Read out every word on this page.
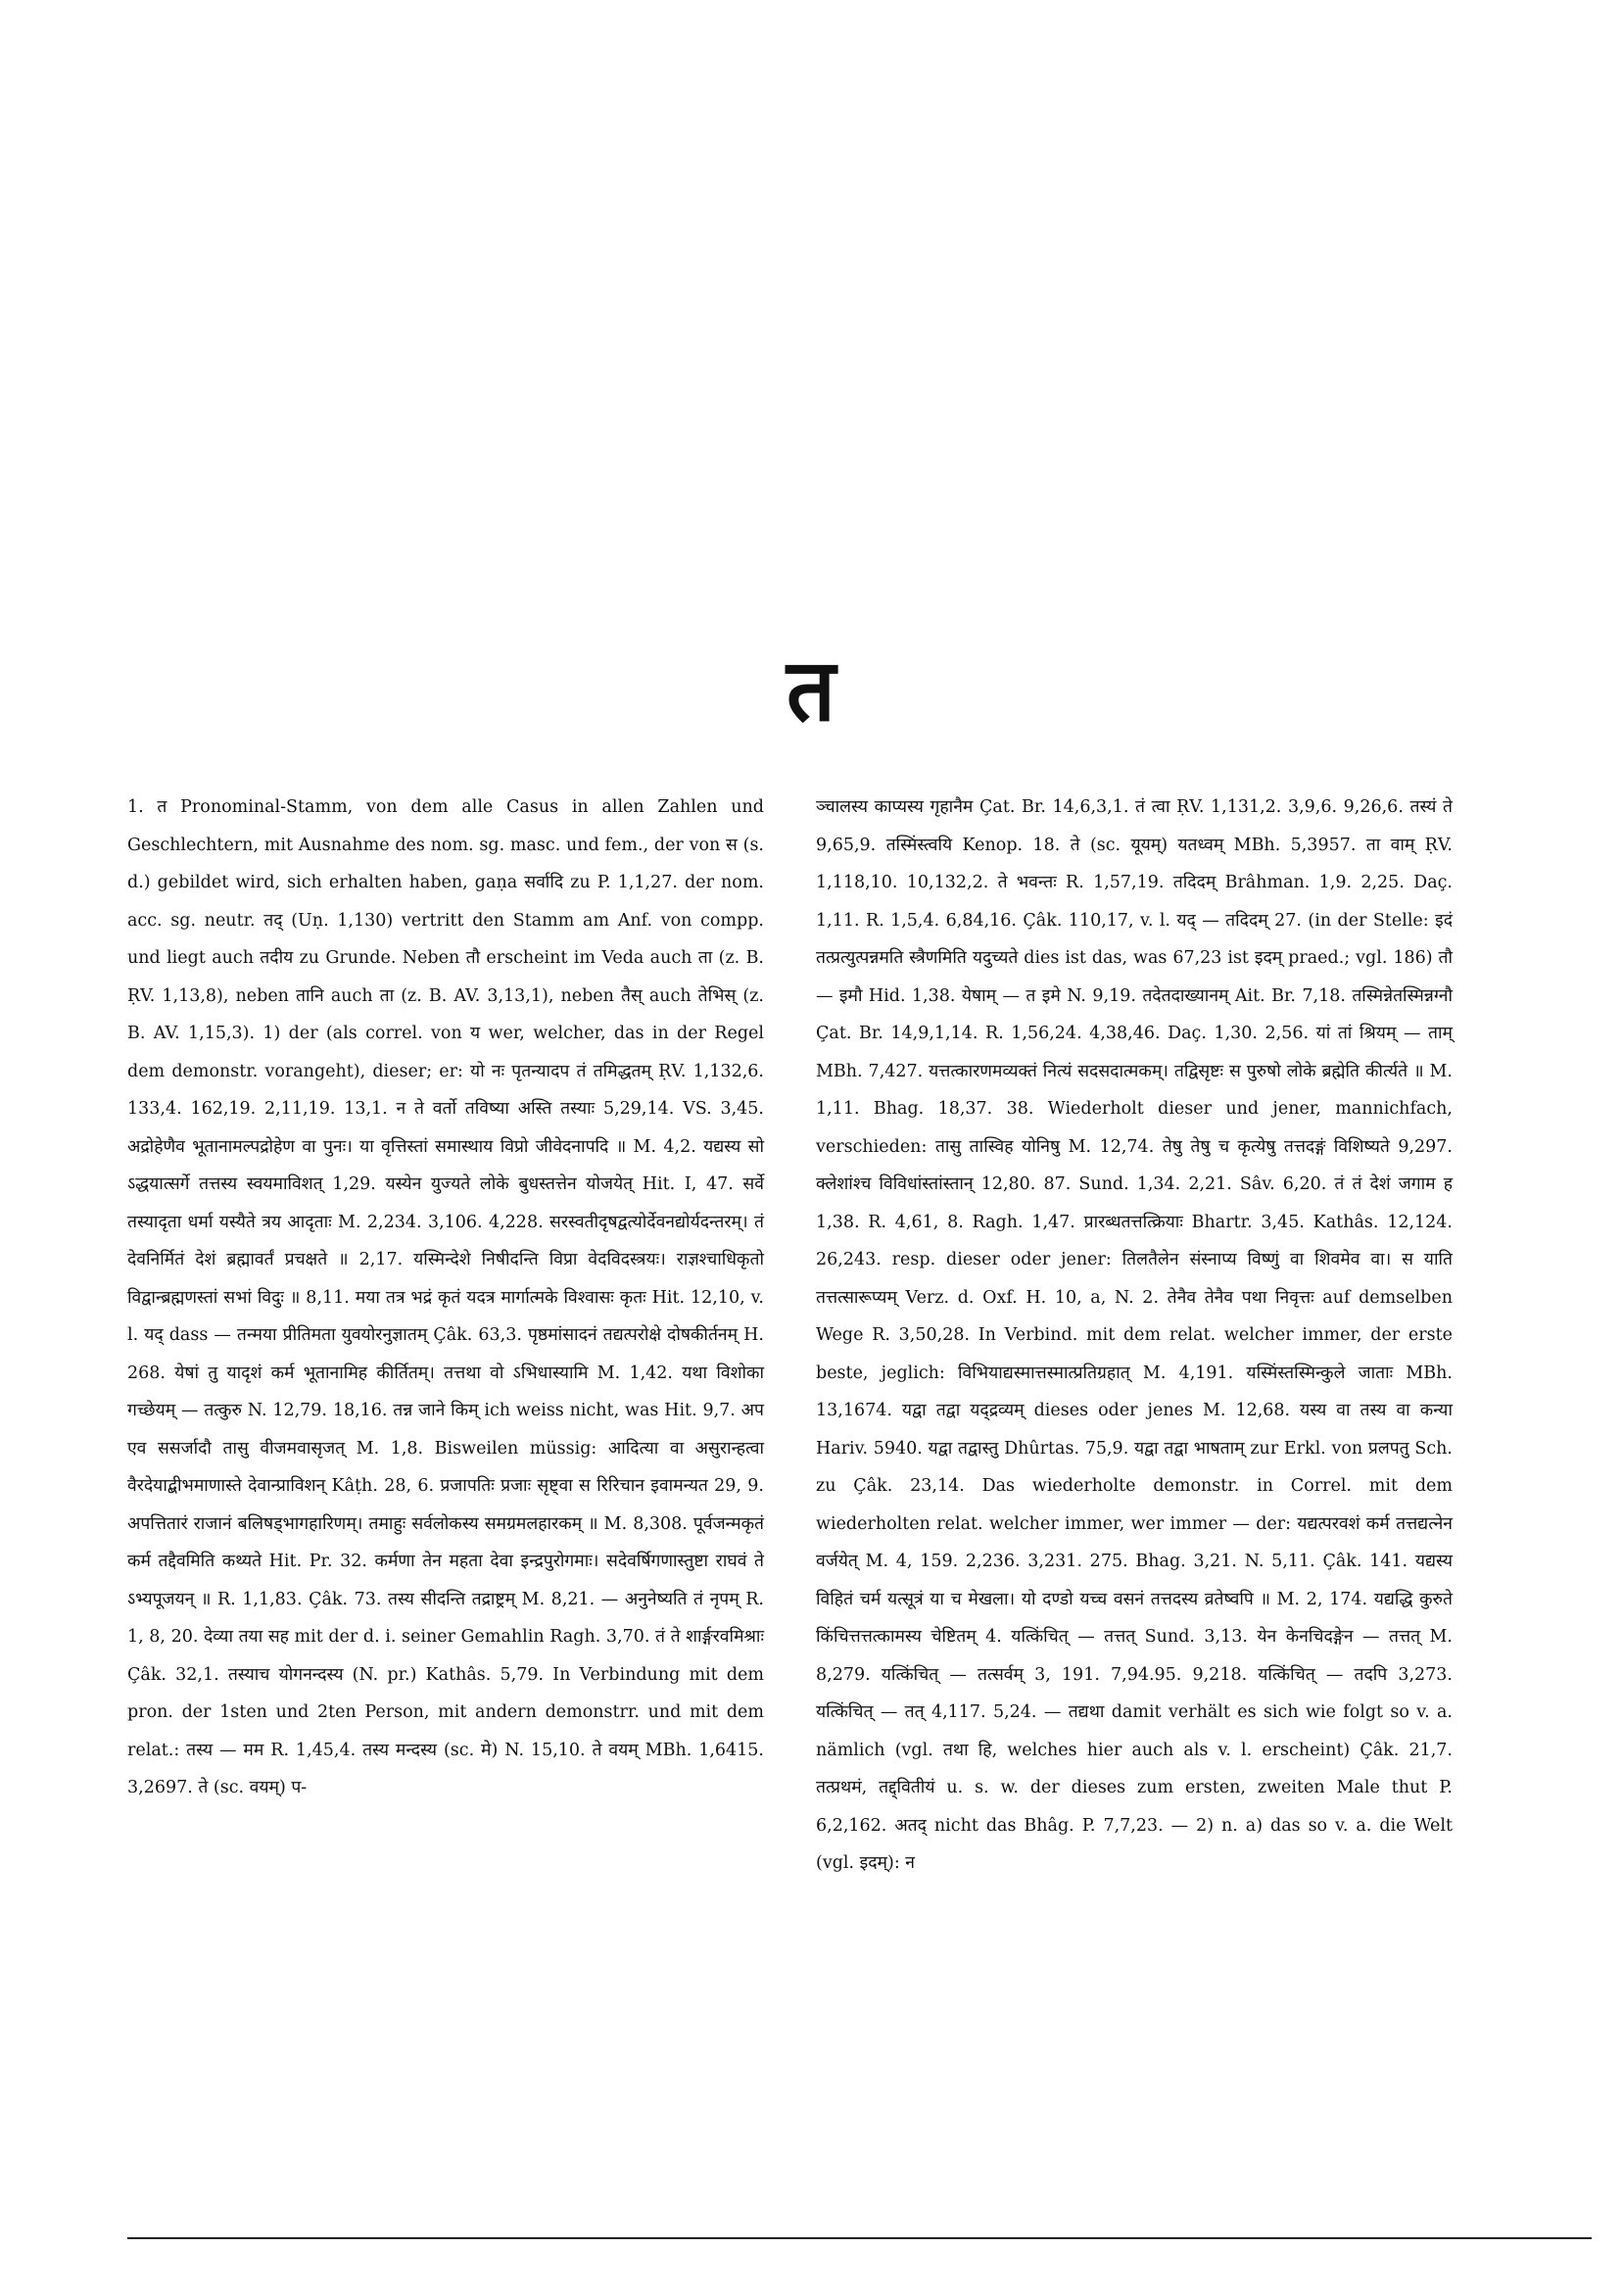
त

1. त Pronominal-Stamm, von dem alle Casus in allen Zahlen und Geschlechtern, mit Ausnahme des nom. sg. masc. und fem., der von स (s. d.) gebildet wird, sich erhalten haben, gaṇa सर्वादि zu P. 1,1,27. der nom. acc. sg. neutr. तद् (Uṇ. 1,130) vertritt den Stamm am Anf. von compp. und liegt auch तदीय zu Grunde. Neben तौ erscheint im Veda auch ता (z. B. ṚV. 1,13,8), neben तानि auch ता (z. B. AV. 3,13,1), neben तैस् auch तेभिस् (z. B. AV. 1,15,3). 1) der (als correl. von य wer, welcher, das in der Regel dem demonstr. vorangeht), dieser; er: यो नः पृतन्यादप तं तमिद्धतम् ṚV. 1,132,6. 133,4. 162,19. 2,11,19. 13,1. न ते वर्तो तविष्या अस्ति तस्याः 5,29,14. VS. 3,45. अद्रोहेणैव भूतानामल्पद्रोहेण वा पुनः। या वृत्तिस्तां समास्थाय विप्रो जीवेदनापदि ॥ M. 4,2. यद्यस्य सो ऽद्धयात्सर्गे तत्तस्य स्वयमाविशत् 1,29. यस्येन युज्यते लोके बुधस्तत्तेन योजयेत् Hit. I, 47. सर्वे तस्यादृता धर्मा यस्यैते त्रय आदृताः M. 2,234. 3,106. 4,228. सरस्वतीदृषद्वत्योर्देवनद्योर्यदन्तरम्। तं देवनिर्मितं देशं ब्रह्मावर्तं प्रचक्षते ॥ 2,17. यस्मिन्देशे निषीदन्ति विप्रा वेदविदस्त्रयः। राज्ञश्चाधिकृतो विद्वान्ब्रह्मणस्तां सभां विदुः ॥ 8,11. मया तत्र भद्रं कृतं यदत्र मार्गात्मके विश्वासः कृतः Hit. 12,10, v. l. यद् dass — तन्मया प्रीतिमता युवयोरनुज्ञातम् Çâk. 63,3. पृष्ठमांसादनं तद्यत्परोक्षे दोषकीर्तनम् H. 268. येषां तु यादृशं कर्म भूतानामिह कीर्तितम्। तत्तथा वो ऽभिधास्यामि M. 1,42. यथा विशोका गच्छेयम् — तत्कुरु N. 12,79. 18,16. तन्न जाने किम् ich weiss nicht, was Hit. 9,7. अप एव ससर्जादौ तासु वीजमवासृजत् M. 1,8. Bisweilen müssig: आदित्या वा असुरान्हत्वा वैरदेयाद्बीभमाणास्ते देवान्प्राविशन् Kâṭh. 28, 6. प्रजापतिः प्रजाः सृष्ट्वा स रिरिचान इवामन्यत 29, 9. अपत्तितारं राजानं बलिषड्भागहारिणम्। तमाहुः सर्वलोकस्य समग्रमलहारकम् ॥ M. 8,308. पूर्वजन्मकृतं कर्म तद्दैवमिति कथ्यते Hit. Pr. 32. कर्मणा तेन महता देवा इन्द्रपुरोगमाः। सदेवर्षिगणास्तुष्टा राघवं ते ऽभ्यपूजयन् ॥ R. 1,1,83. Çâk. 73. तस्य सीदन्ति तद्राष्ट्रम् M. 8,21. — अनुनेष्यति तं नृपम् R. 1, 8, 20. देव्या तया सह mit der d. i. seiner Gemahlin Ragh. 3,70. तं ते शार्ङ्गरवमिश्राः Çâk. 32,1. तस्याच योगनन्दस्य (N. pr.) Kathâs. 5,79. In Verbindung mit dem pron. der 1sten und 2ten Person, mit andern demonstrr. und mit dem relat.: तस्य — मम R. 1,45,4. तस्य मन्दस्य (sc. मे) N. 15,10. ते वयम् MBh. 1,6415. 3,2697. ते (sc. वयम्) प-

ञ्चालस्य काप्यस्य गृहानैम Çat. Br. 14,6,3,1. तं त्वा ṚV. 1,131,2. 3,9,6. 9,26,6. तस्यं ते 9,65,9. तस्मिंस्त्वयि Kenop. 18. ते (sc. यूयम्) यतध्वम् MBh. 5,3957. ता वाम् ṚV. 1,118,10. 10,132,2. ते भवन्तः R. 1,57,19. तदिदम् Brâhman. 1,9. 2,25. Daç. 1,11. R. 1,5,4. 6,84,16. Çâk. 110,17, v. l. यद् — तदिदम् 27. (in der Stelle: इदं तत्प्रत्युत्पन्नमति स्त्रैणमिति यदुच्यते dies ist das, was 67,23 ist इदम् praed.; vgl. 186) तौ — इमौ Hid. 1,38. येषाम् — त इमे N. 9,19. तदेतदाख्यानम् Ait. Br. 7,18. तस्मिन्नेतस्मिन्नग्नौ Çat. Br. 14,9,1,14. R. 1,56,24. 4,38,46. Daç. 1,30. 2,56. यां तां श्रियम् — ताम् MBh. 7,427. यत्तत्कारणमव्यक्तं नित्यं सदसदात्मकम्। तद्विसृष्टः स पुरुषो लोके ब्रह्मेति कीर्त्यते ॥ M. 1,11. Bhag. 18,37. 38. Wiederholt dieser und jener, mannichfach, verschieden: तासु तास्विह योनिषु M. 12,74. तेषु तेषु च कृत्येषु तत्तदङ्गं विशिष्यते 9,297. क्लेशांश्च विविधांस्तांस्तान् 12,80. 87. Sund. 1,34. 2,21. Sâv. 6,20. तं तं देशं जगाम ह 1,38. R. 4,61, 8. Ragh. 1,47. प्रारब्धतत्तत्क्रियाः Bhartr. 3,45. Kathâs. 12,124. 26,243. resp. dieser oder jener: तिलतैलेन संस्नाप्य विष्णुं वा शिवमेव वा। स याति तत्तत्सारूप्यम् Verz. d. Oxf. H. 10, a, N. 2. तेनैव तेनैव पथा निवृत्तः auf demselben Wege R. 3,50,28. In Verbind. mit dem relat. welcher immer, der erste beste, jeglich: विभियाद्यस्मात्तस्मात्प्रतिग्रहात् M. 4,191. यस्मिंस्तस्मिन्कुले जाताः MBh. 13,1674. यद्वा तद्वा यद्द्रव्यम् dieses oder jenes M. 12,68. यस्य वा तस्य वा कन्या Hariv. 5940. यद्वा तद्वास्तु Dhûrtas. 75,9. यद्वा तद्वा भाषताम् zur Erkl. von प्रलपतु Sch. zu Çâk. 23,14. Das wiederholte demonstr. in Correl. mit dem wiederholten relat. welcher immer, wer immer — der: यद्यत्परवशं कर्म तत्तद्यत्नेन वर्जयेत् M. 4, 159. 2,236. 3,231. 275. Bhag. 3,21. N. 5,11. Çâk. 141. यद्यस्य विहितं चर्म यत्सूत्रं या च मेखला। यो दण्डो यच्च वसनं तत्तदस्य व्रतेष्वपि ॥ M. 2, 174. यद्यद्धि कुरुते किंचित्तत्तत्कामस्य चेष्टितम् 4. यत्किंचित् — तत्तत् Sund. 3,13. येन केनचिदङ्गेन — तत्तत् M. 8,279. यत्किंचित् — तत्सर्वम् 3, 191. 7,94.95. 9,218. यत्किंचित् — तदपि 3,273. यत्किंचित् — तत् 4,117. 5,24. — तद्यथा damit verhält es sich wie folgt so v. a. nämlich (vgl. तथा हि, welches hier auch als v. l. erscheint) Çâk. 21,7. तत्प्रथमं, तद्द्वितीयं u. s. w. der dieses zum ersten, zweiten Male thut P. 6,2,162. अतद् nicht das Bhâg. P. 7,7,23. — 2) n. a) das so v. a. die Welt (vgl. इदम्): न
